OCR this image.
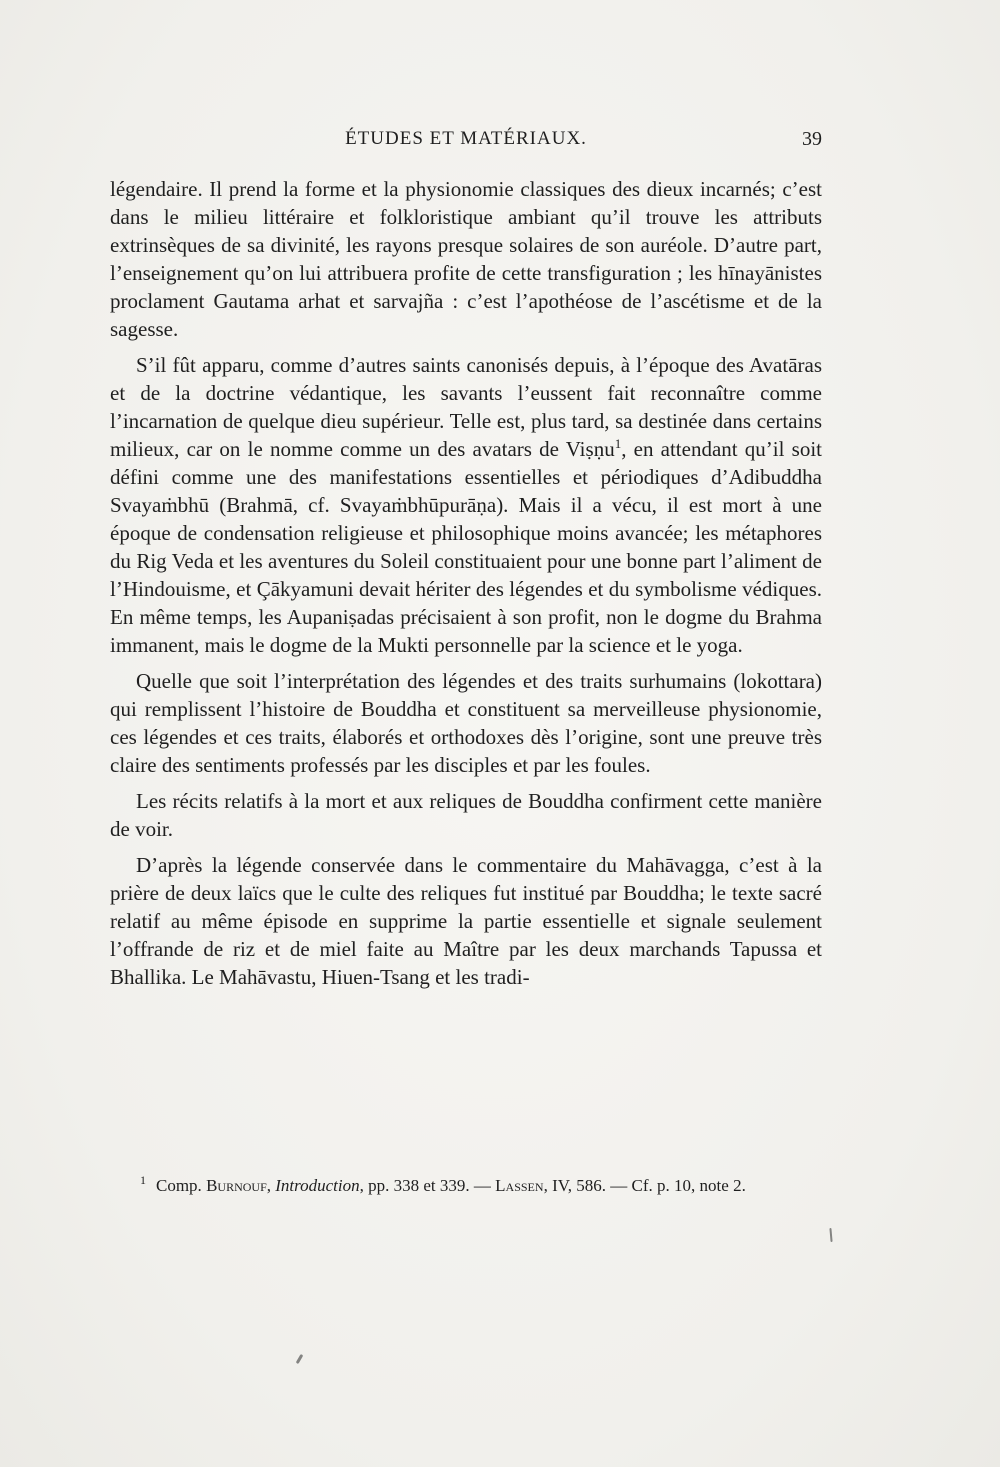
ÉTUDES ET MATÉRIAUX.	39

légendaire. Il prend la forme et la physionomie classiques des dieux incarnés; c’est dans le milieu littéraire et folkloristique ambiant qu’il trouve les attributs extrinsèques de sa divinité, les rayons presque solaires de son auréole. D’autre part, l’enseignement qu’on lui attribuera profite de cette transfiguration ; les hīnayānistes proclament Gautama arhat et sarvajña : c’est l’apothéose de l’ascétisme et de la sagesse.

S’il fût apparu, comme d’autres saints canonisés depuis, à l’époque des Avatāras et de la doctrine védantique, les savants l’eussent fait reconnaître comme l’incarnation de quelque dieu supérieur. Telle est, plus tard, sa destinée dans certains milieux, car on le nomme comme un des avatars de Viṣṇu$^1$, en attendant qu’il soit défini comme une des manifestations essentielles et périodiques d’Adibuddha Svayaṁbhū (Brahmā, cf. Svayaṁbhūpurāṇa). Mais il a vécu, il est mort à une époque de condensation religieuse et philosophique moins avancée; les métaphores du Rig Veda et les aventures du Soleil constituaient pour une bonne part l’aliment de l’Hindouisme, et Çākyamuni devait hériter des légendes et du symbolisme védiques. En même temps, les Aupaniṣadas précisaient à son profit, non le dogme du Brahma immanent, mais le dogme de la Mukti personnelle par la science et le yoga.

Quelle que soit l’interprétation des légendes et des traits surhumains (lokottara) qui remplissent l’histoire de Bouddha et constituent sa merveilleuse physionomie, ces légendes et ces traits, élaborés et orthodoxes dès l’origine, sont une preuve très claire des sentiments professés par les disciples et par les foules.

Les récits relatifs à la mort et aux reliques de Bouddha confirment cette manière de voir.

D’après la légende conservée dans le commentaire du Mahāvagga, c’est à la prière de deux laïcs que le culte des reliques fut institué par Bouddha; le texte sacré relatif au même épisode en supprime la partie essentielle et signale seulement l’offrande de riz et de miel faite au Maître par les deux marchands Tapussa et Bhallika. Le Mahāvastu, Hiuen-Tsang et les tradi-

$^1$ Comp. Burnouf, Introduction, pp. 338 et 339. — Lassen, IV, 586. — Cf. p. 10, note 2.
